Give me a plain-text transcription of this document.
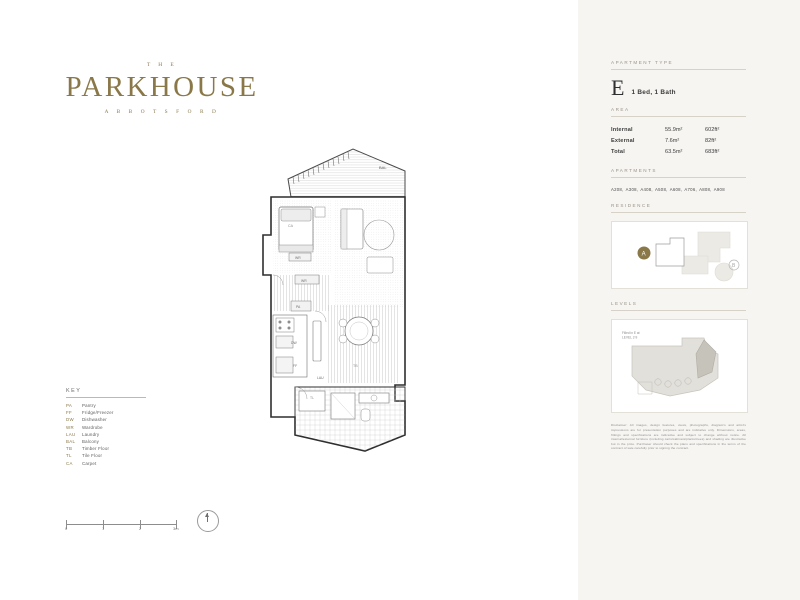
T H E
PARKHOUSE
A B B O T S F O R D
BAL
CA
WR
WR
PA
DW
FF	TB
LAU
TL
KEY
PA	Pantry
FF	Fridge/Freezer
DW	Dishwasher
WR	Wardrobe
LAU	Laundry
BAL	Balcony
TB	Timber Floor
TL	Tile Floor
CA	Carpet
0	1	2	3m
APARTMENT TYPE
E 1 Bed, 1 Bath
AREA
Internal	55.9m²	602ft²
External	7.6m²	82ft²
Total	63.5m²	683ft²
APARTMENTS
A208, A308, A408, A508, A608, A706, A808, A908
RESIDENCE
A
B
LEVELS
Filled in E at
LEVEL 2-9
Disclaimer: All images, design features, views, photographs, diagram's and artist's impressions are for presentation purposes and are indicative only. Dimensions, areas, fittings and specifications are indicative and subject to change without notice. All internal/external furniture (including carts/cabinets/plants/trees) and shading are illustrative but in the price. Purchaser should check the plans and specifications in the terms of the contract of sale carefully prior to signing the contract.
